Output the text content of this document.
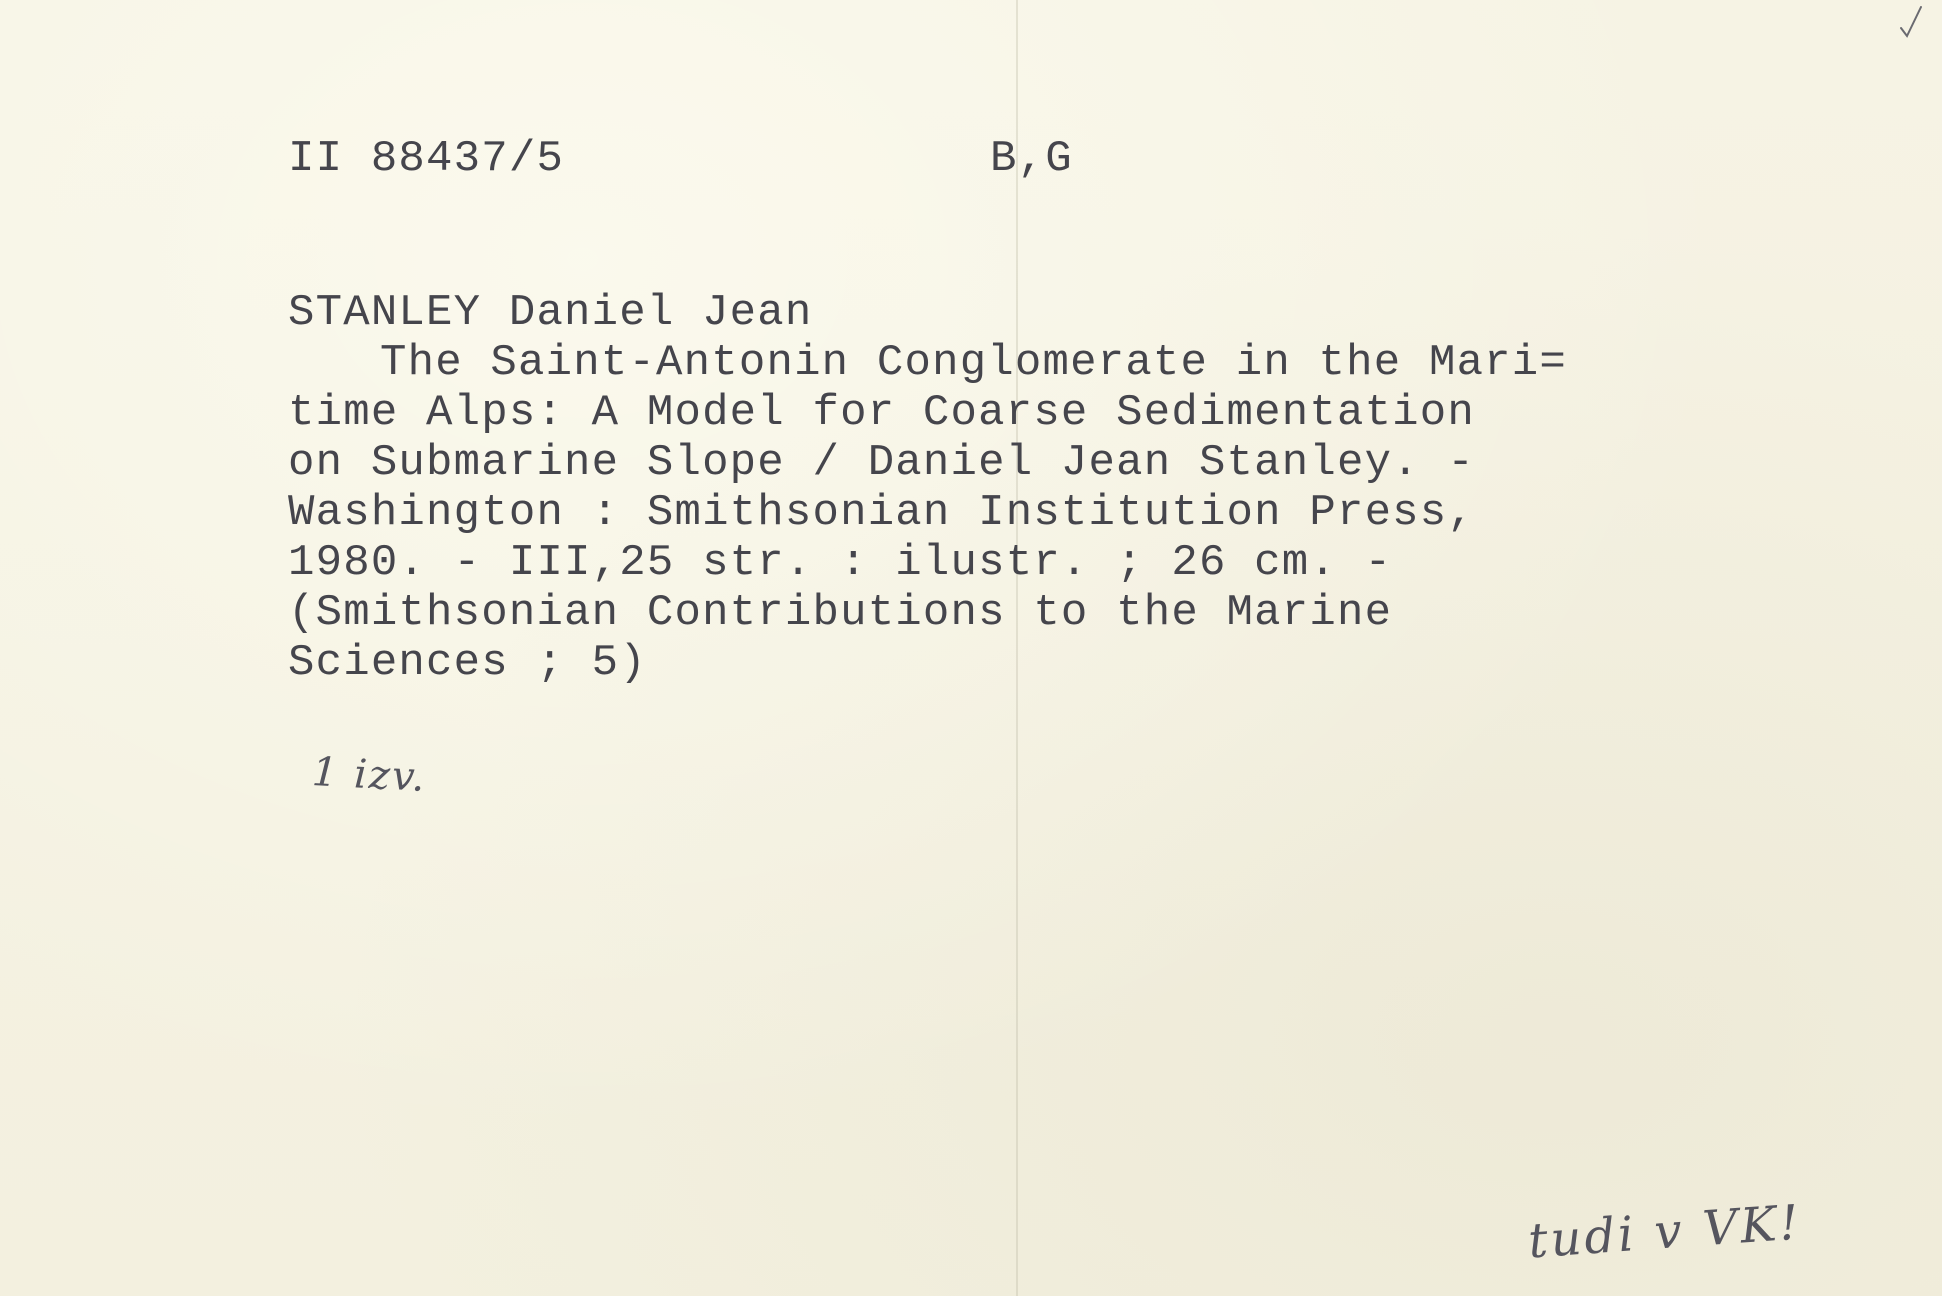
II 88437/5	B,G
STANLEY Daniel Jean
The Saint-Antonin Conglomerate in the Mari=
time Alps: A Model for Coarse Sedimentation
on Submarine Slope / Daniel Jean Stanley. -
Washington : Smithsonian Institution Press,
1980. - III,25 str. : ilustr. ; 26 cm. -
(Smithsonian Contributions to the Marine
Sciences ; 5)
1 izv.
tudi v VK!
